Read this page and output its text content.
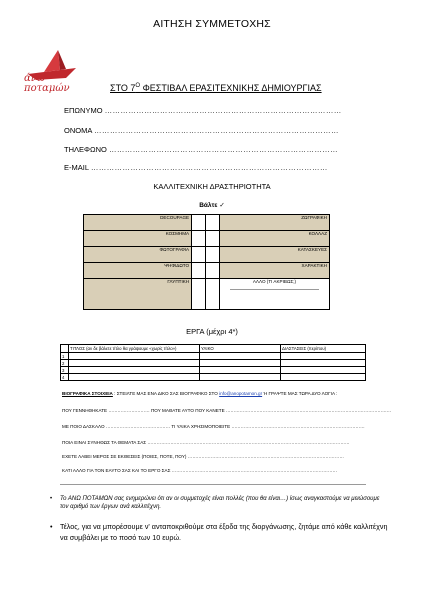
ΑΙΤΗΣΗ ΣΥΜΜΕΤΟΧΗΣ
άνω
ποταμών	ΣΤΟ $7^O$ ΦΕΣΤΙΒΑΛ ΕΡΑΣΙΤΕΧΝΙΚΗΣ ΔΗΜΙΟΥΡΓΙΑΣ
ΕΠΩΝΥΜΟ ………………………………………………………………………………
ΟΝΟΜΑ …………………………………………………………………………………
ΤΗΛΕΦΩΝΟ ……………………………………………………………………………
E-MAIL ………………………………………………………………………………
ΚΑΛΛΙΤΕΧΝΙΚΗ ΔΡΑΣΤΗΡΙΟΤΗΤΑ
Βάλτε ✓
DECOUPAGE			ΖΩΓΡΑΦΙΚΗ
ΚΟΣΜΗΜΑ			ΚΟΛΛΑΖ
ΦΩΤΟΓΡΑΦΙΑ			ΚΑΤΑΣΚΕΥΕΣ
ΨΗΦΙΔΩΤΟ			ΧΑΡΑΚΤΙΚΗ
ΓΛΥΠΤΙΚΗ			ΑΛΛΟ (ΤΙ ΑΚΡΙΒΩΣ;)
ΕΡΓΑ (μέχρι 4*)
	ΤΙΤΛΟΣ (αν δε βάλετε τίτλο θα γράψουμε «χωρίς τίτλο»)	ΥΛΙΚΟ	ΔΙΑΣΤΑΣΕΙΣ (περίπου)
1			
2			
3			
4			
ΒΙΟΓΡΑΦΙΚΑ ΣΤΟΙΧΕΙΑ : ΣΤΕΙΛΤΕ ΜΑΣ ΕΝΑ ΔΙΚΟ ΣΑΣ ΒΙΟΓΡΑΦΙΚΟ ΣΤΟ info@anopotamon.gr Ή ΓΡΑΨΤΕ ΜΑΣ ΤΩΡΑ ΔΥΟ ΛΟΓΙΑ :
ΠΟΥ ΓΕΝΝΗΘΗΚΑΤΕ ……………………… ΠΟΥ ΜΑΘΑΤΕ ΑΥΤΟ ΠΟΥ ΚΑΝΕΤΕ ………………………………………………………………………………………………
ΜΕ ΠΟΙΟ ΔΑΣΚΑΛΟ …………………………………… ΤΙ ΥΛΙΚΑ ΧΡΗΣΙΜΟΠΟΙΕΙΤΕ ……………………………………………………………………………
ΠΟΙΑ ΕΙΝΑΙ ΣΥΝΗΘΩΣ ΤΑ ΘΕΜΑΤΑ ΣΑΣ ……………………………………………………………………………………………………………………
ΕΧΕΤΕ ΛΑΒΕΙ ΜΕΡΟΣ ΣΕ ΕΚΘΕΣΕΙΣ (ΠΟΙΕΣ, ΠΟΤΕ, ΠΟΥ) …………………………………………………………………………………………
ΚΑΤΙ ΑΛΛΟ ΓΙΑ ΤΟΝ ΕΑΥΤΟ ΣΑΣ ΚΑΙ ΤΟ ΕΡΓΟ ΣΑΣ ………………………………………………………………………………………………
• Το ΑΝΩ ΠΟΤΑΜΩΝ σας ενημερώνει ότι αν οι συμμετοχές είναι πολλές (που θα είναι…) ίσως αναγκαστούμε να μειώσουμε τον αριθμό των έργων ανά καλλιτέχνη.
• Τέλος, για να μπορέσουμε ν' ανταποκριθούμε στα έξοδα της διοργάνωσης, ζητάμε από κάθε καλλιτέχνη να συμβάλει με το ποσό των 10 ευρώ.
